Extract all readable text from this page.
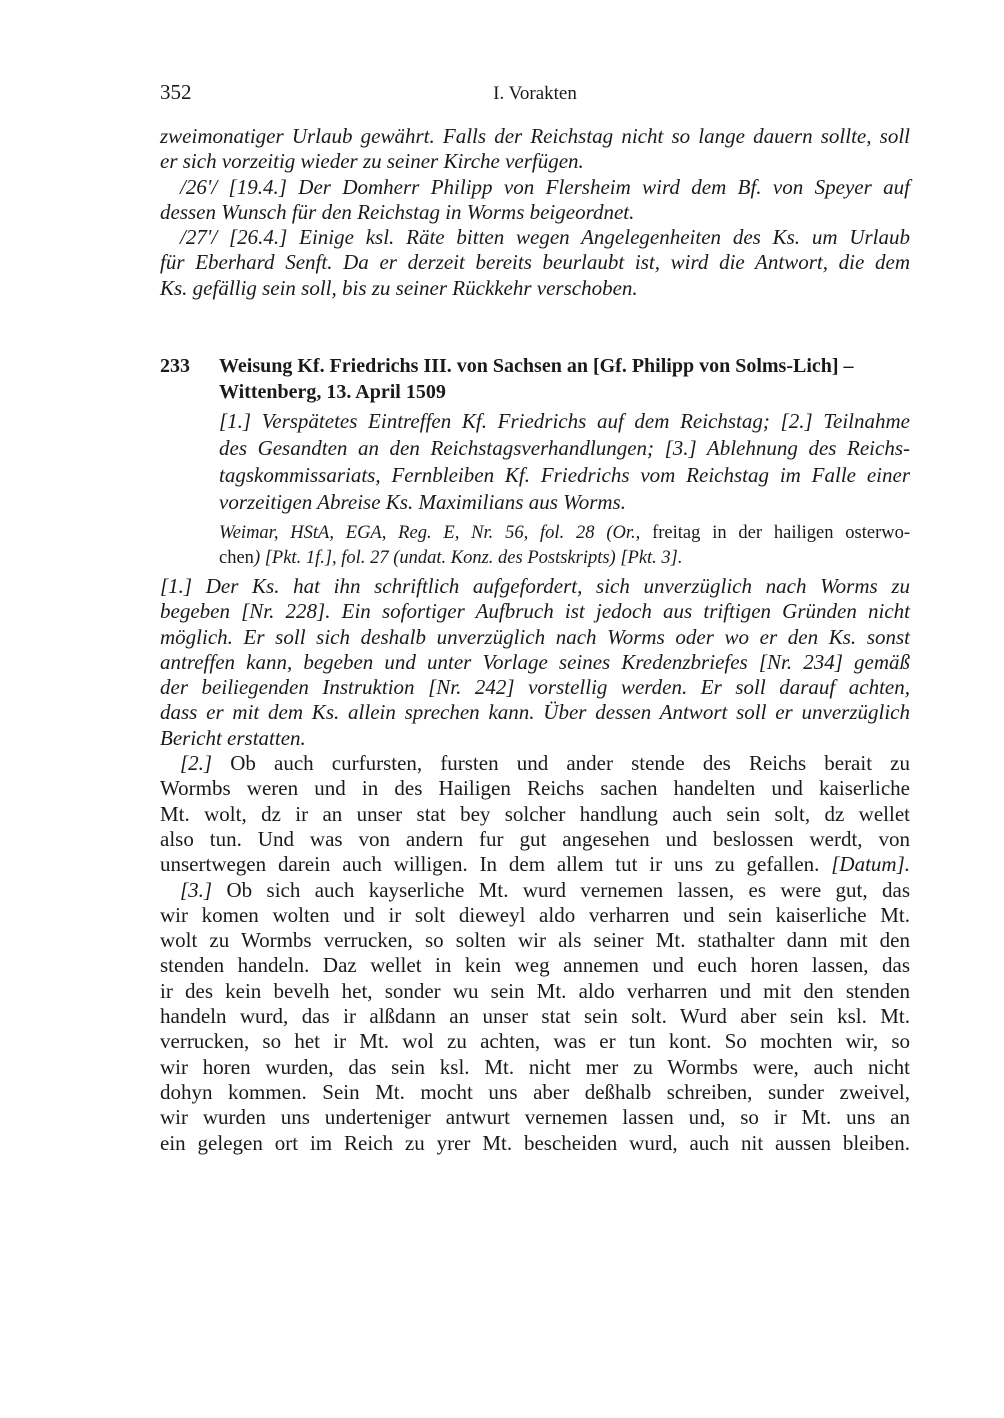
352	I. Vorakten
zweimonatiger Urlaub gewährt. Falls der Reichstag nicht so lange dauern sollte, soll
er sich vorzeitig wieder zu seiner Kirche verfügen.
/26'/ [19.4.] Der Domherr Philipp von Flersheim wird dem Bf. von Speyer auf
dessen Wunsch für den Reichstag in Worms beigeordnet.
/27'/ [26.4.] Einige ksl. Räte bitten wegen Angelegenheiten des Ks. um Urlaub
für Eberhard Senft. Da er derzeit bereits beurlaubt ist, wird die Antwort, die dem
Ks. gefällig sein soll, bis zu seiner Rückkehr verschoben.
233 Weisung Kf. Friedrichs III. von Sachsen an [Gf. Philipp von Solms-Lich] –
Wittenberg, 13. April 1509
[1.] Verspätetes Eintreffen Kf. Friedrichs auf dem Reichstag; [2.] Teilnahme
des Gesandten an den Reichstagsverhandlungen; [3.] Ablehnung des Reichs-
tagskommissariats, Fernbleiben Kf. Friedrichs vom Reichstag im Falle einer
vorzeitigen Abreise Ks. Maximilians aus Worms.
Weimar, HStA, EGA, Reg. E, Nr. 56, fol. 28 (Or., freitag in der hailigen osterwo-
chen) [Pkt. 1f.], fol. 27 (undat. Konz. des Postskripts) [Pkt. 3].
[1.] Der Ks. hat ihn schriftlich aufgefordert, sich unverzüglich nach Worms zu
begeben [Nr. 228]. Ein sofortiger Aufbruch ist jedoch aus triftigen Gründen nicht
möglich. Er soll sich deshalb unverzüglich nach Worms oder wo er den Ks. sonst
antreffen kann, begeben und unter Vorlage seines Kredenzbriefes [Nr. 234] gemäß
der beiliegenden Instruktion [Nr. 242] vorstellig werden. Er soll darauf achten,
dass er mit dem Ks. allein sprechen kann. Über dessen Antwort soll er unverzüglich
Bericht erstatten.
[2.] Ob auch curfursten, fursten und ander stende des Reichs berait zu
Wormbs weren und in des Hailigen Reichs sachen handelten und kaiserliche
Mt. wolt, dz ir an unser stat bey solcher handlung auch sein solt, dz wellet
also tun. Und was von andern fur gut angesehen und beslossen werdt, von
unsertwegen darein auch willigen. In dem allem tut ir uns zu gefallen. [Datum].
[3.] Ob sich auch kayserliche Mt. wurd vernemen lassen, es were gut, das
wir komen wolten und ir solt dieweyl aldo verharren und sein kaiserliche Mt.
wolt zu Wormbs verrucken, so solten wir als seiner Mt. stathalter dann mit den
stenden handeln. Daz wellet in kein weg annemen und euch horen lassen, das
ir des kein bevelh het, sonder wu sein Mt. aldo verharren und mit den stenden
handeln wurd, das ir alßdann an unser stat sein solt. Wurd aber sein ksl. Mt.
verrucken, so het ir Mt. wol zu achten, was er tun kont. So mochten wir, so
wir horen wurden, das sein ksl. Mt. nicht mer zu Wormbs were, auch nicht
dohyn kommen. Sein Mt. mocht uns aber deßhalb schreiben, sunder zweivel,
wir wurden uns underteniger antwurt vernemen lassen und, so ir Mt. uns an
ein gelegen ort im Reich zu yrer Mt. bescheiden wurd, auch nit aussen bleiben.
